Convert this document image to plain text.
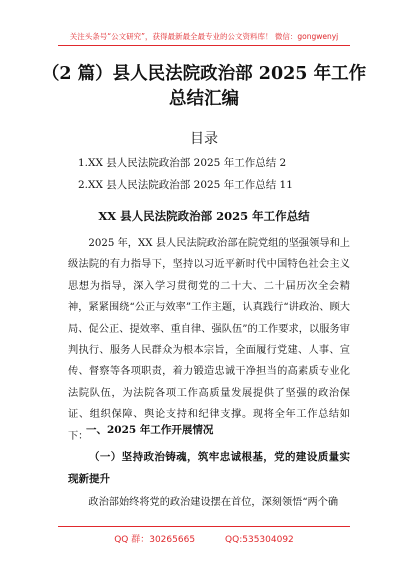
关注头条号“公文研究”，获得最新最全最专业的公文资料库！ 微信：gongwenyj
（2 篇）县人民法院政治部 2025 年工作总结汇编
目录
1.XX 县人民法院政治部 2025 年工作总结 2
2.XX 县人民法院政治部 2025 年工作总结 11
XX 县人民法院政治部 2025 年工作总结

2025 年，XX 县人民法院政治部在院党组的坚强领导和上级法院的有力指导下，坚持以习近平新时代中国特色社会主义思想为指导，深入学习贯彻党的二十大、二十届历次全会精神，紧紧围绕“公正与效率”工作主题，认真践行“讲政治、顾大局、促公正、提效率、重自律、强队伍”的工作要求，以服务审判执行、服务人民群众为根本宗旨，全面履行党建、人事、宣传、督察等各项职责，着力锻造忠诚干净担当的高素质专业化法院队伍，为法院各项工作高质量发展提供了坚强的政治保证、组织保障、舆论支持和纪律支撑。现将全年工作总结如下：

一、2025 年工作开展情况

（一）坚持政治铸魂，筑牢忠诚根基，党的建设质量实现新提升

政治部始终将党的政治建设摆在首位，深刻领悟“两个确

QQ 群：30265665	QQ:535304092
